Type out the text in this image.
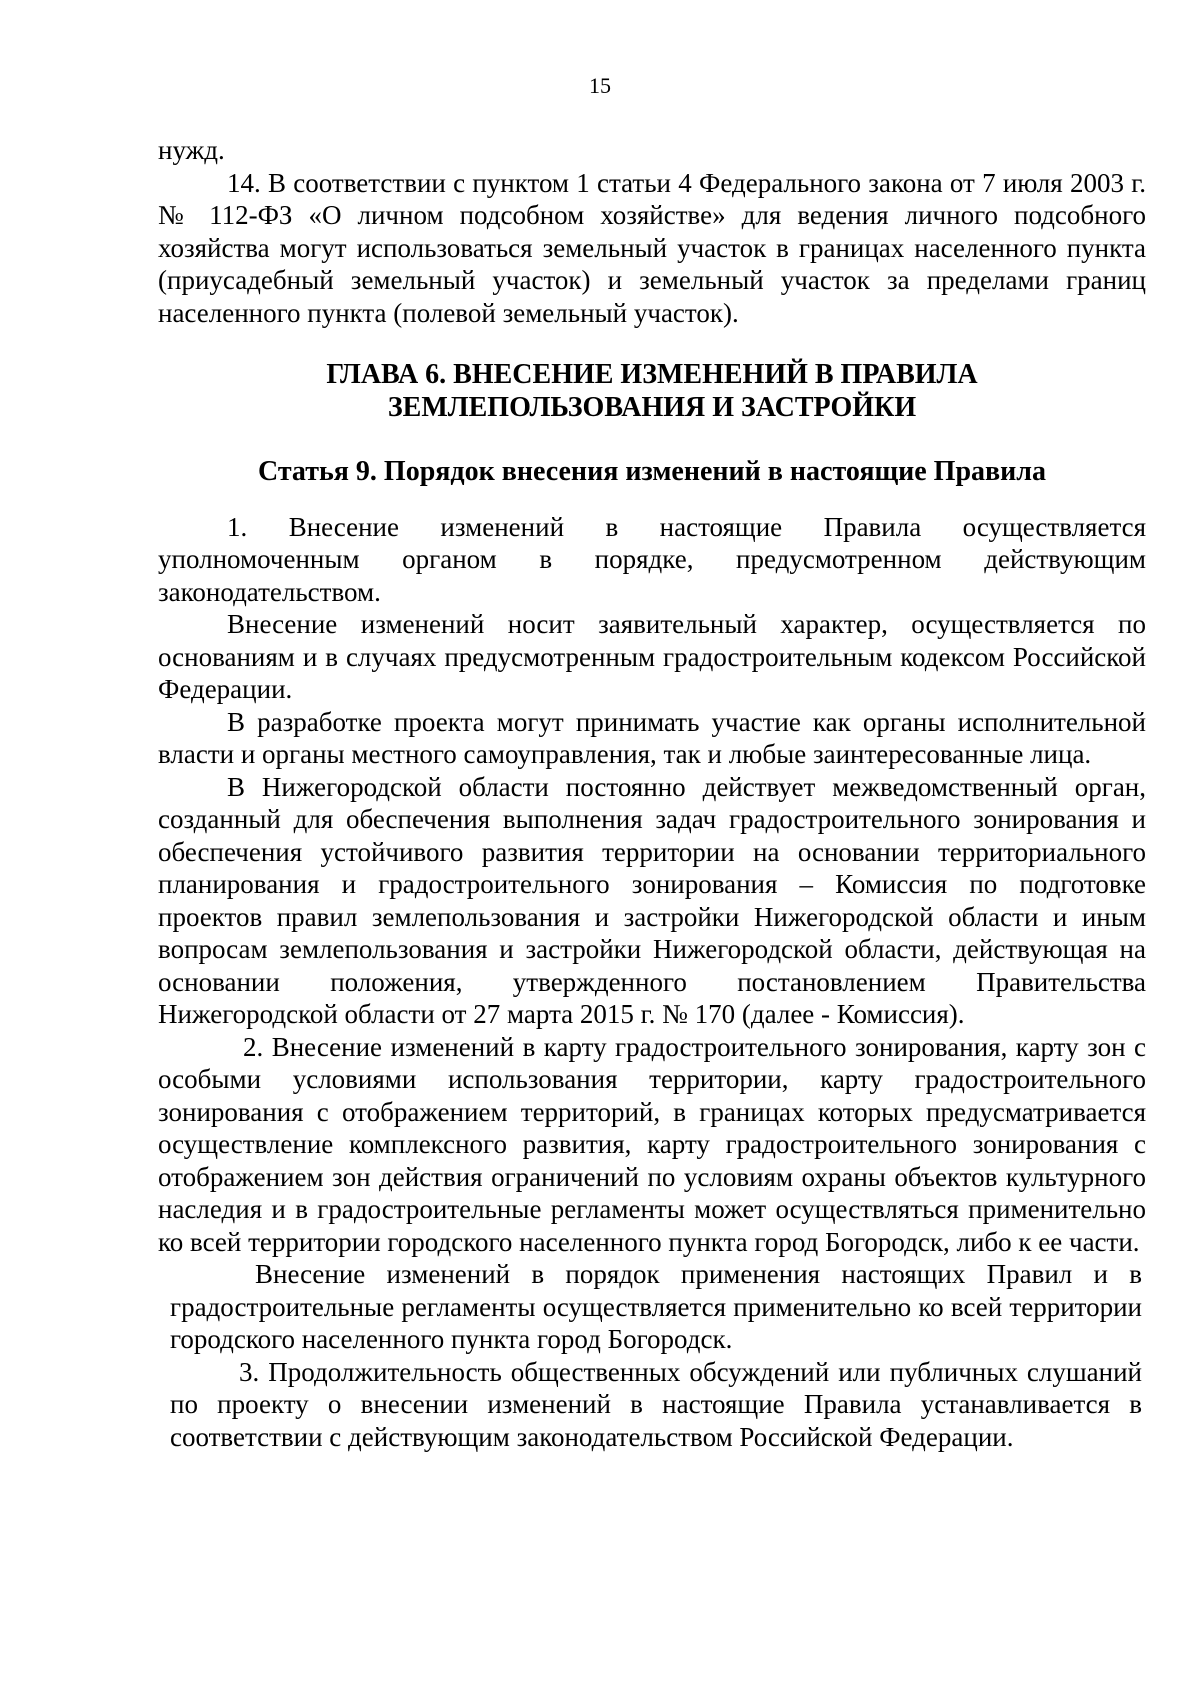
15

нужд.

14. В соответствии с пунктом 1 статьи 4 Федерального закона от 7 июля 2003 г. № 112-ФЗ «О личном подсобном хозяйстве» для ведения личного подсобного хозяйства могут использоваться земельный участок в границах населенного пункта (приусадебный земельный участок) и земельный участок за пределами границ населенного пункта (полевой земельный участок).

ГЛАВА 6. ВНЕСЕНИЕ ИЗМЕНЕНИЙ В ПРАВИЛА
ЗЕМЛЕПОЛЬЗОВАНИЯ И ЗАСТРОЙКИ
Статья 9. Порядок внесения изменений в настоящие Правила

1. Внесение изменений в настоящие Правила осуществляется уполномоченным органом в порядке, предусмотренном действующим законодательством.

Внесение изменений носит заявительный характер, осуществляется по основаниям и в случаях предусмотренным градостроительным кодексом Российской Федерации.

В разработке проекта могут принимать участие как органы исполнительной власти и органы местного самоуправления, так и любые заинтересованные лица.

В Нижегородской области постоянно действует межведомственный орган, созданный для обеспечения выполнения задач градостроительного зонирования и обеспечения устойчивого развития территории на основании территориального планирования и градостроительного зонирования – Комиссия по подготовке проектов правил землепользования и застройки Нижегородской области и иным вопросам землепользования и застройки Нижегородской области, действующая на основании положения, утвержденного постановлением Правительства Нижегородской области от 27 марта 2015 г. № 170 (далее - Комиссия).

2. Внесение изменений в карту градостроительного зонирования, карту зон с особыми условиями использования территории, карту градостроительного зонирования с отображением территорий, в границах которых предусматривается осуществление комплексного развития, карту градостроительного зонирования с отображением зон действия ограничений по условиям охраны объектов культурного наследия и в градостроительные регламенты может осуществляться применительно ко всей территории городского населенного пункта город Богородск, либо к ее части.

Внесение изменений в порядок применения настоящих Правил и в градостроительные регламенты осуществляется применительно ко всей территории городского населенного пункта город Богородск.

3. Продолжительность общественных обсуждений или публичных слушаний по проекту о внесении изменений в настоящие Правила устанавливается в соответствии с действующим законодательством Российской Федерации.
